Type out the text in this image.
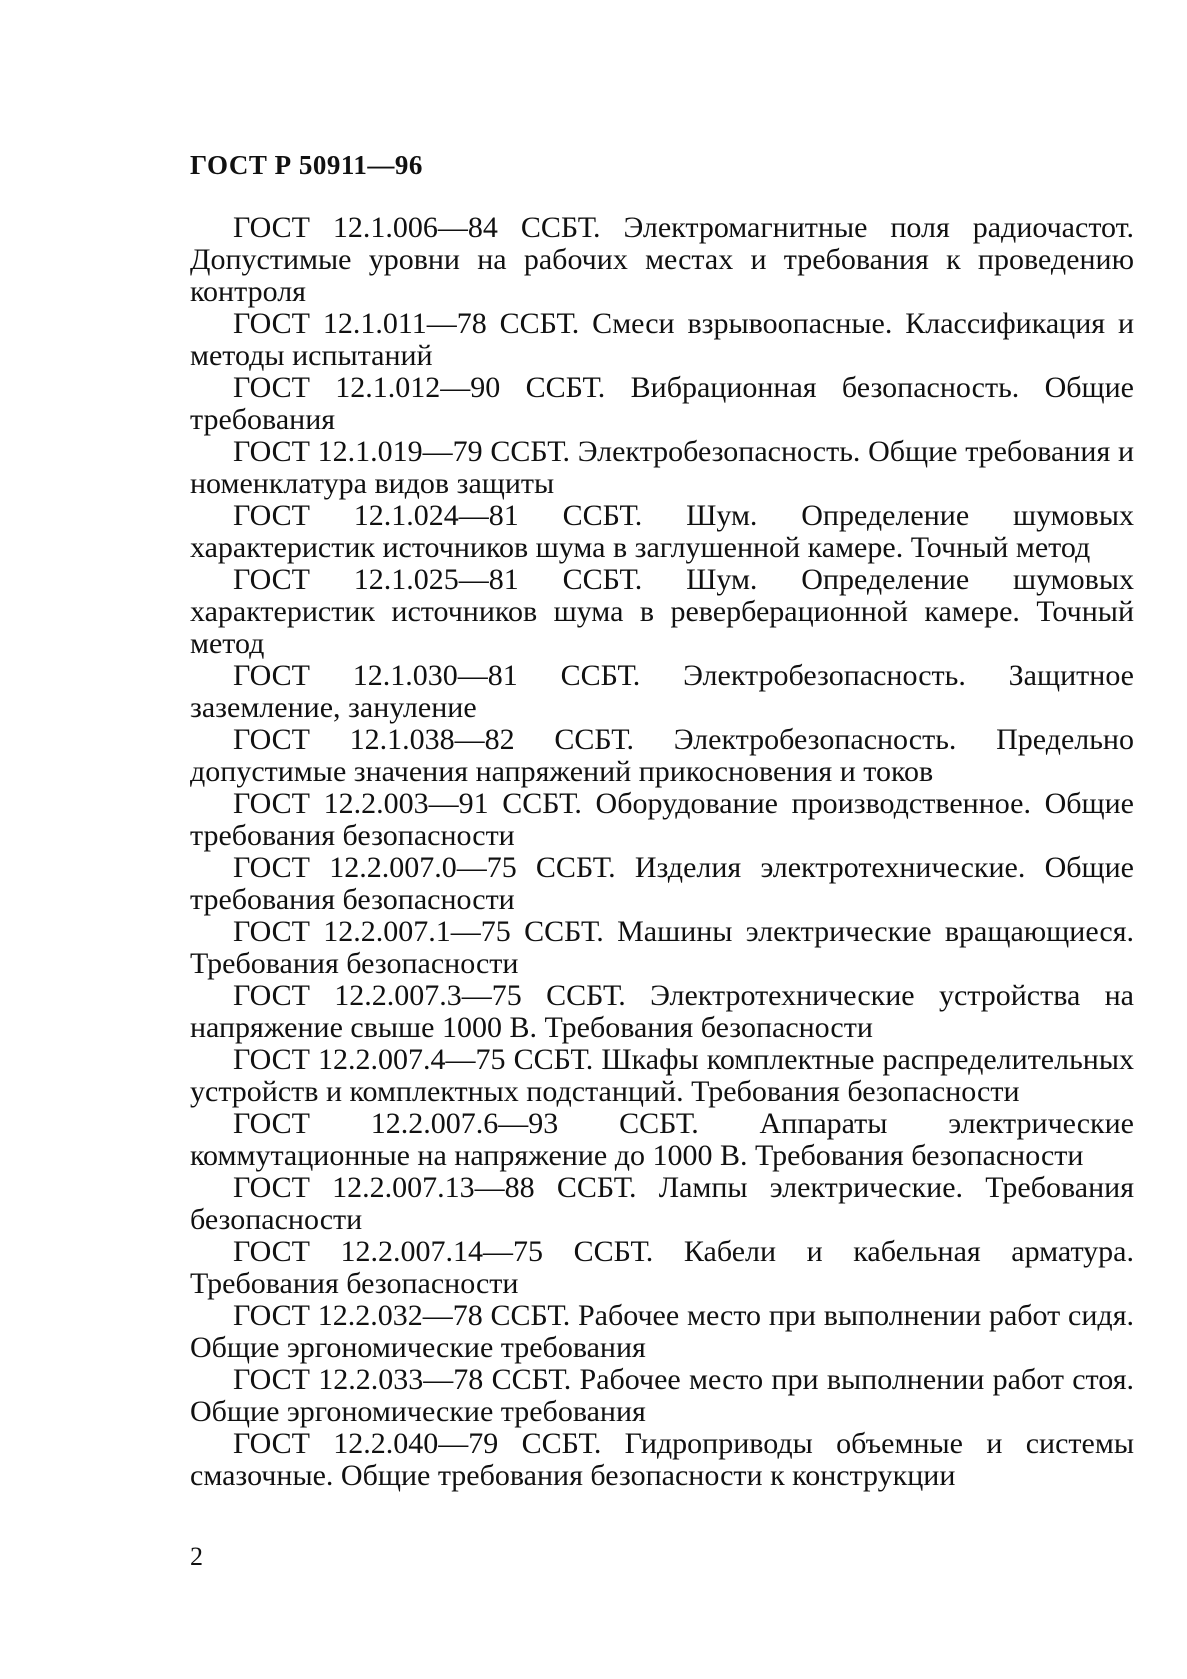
ГОСТ Р 50911—96

ГОСТ 12.1.006—84 ССБТ. Электромагнитные поля радиочастот. Допустимые уровни на рабочих местах и требования к проведению контроля

ГОСТ 12.1.011—78 ССБТ. Смеси взрывоопасные. Классификация и методы испытаний

ГОСТ 12.1.012—90 ССБТ. Вибрационная безопасность. Общие требования

ГОСТ 12.1.019—79 ССБТ. Электробезопасность. Общие требования и номенклатура видов защиты

ГОСТ 12.1.024—81 ССБТ. Шум. Определение шумовых характеристик источников шума в заглушенной камере. Точный метод

ГОСТ 12.1.025—81 ССБТ. Шум. Определение шумовых характеристик источников шума в реверберационной камере. Точный метод

ГОСТ 12.1.030—81 ССБТ. Электробезопасность. Защитное заземление, зануление

ГОСТ 12.1.038—82 ССБТ. Электробезопасность. Предельно допустимые значения напряжений прикосновения и токов

ГОСТ 12.2.003—91 ССБТ. Оборудование производственное. Общие требования безопасности

ГОСТ 12.2.007.0—75 ССБТ. Изделия электротехнические. Общие требования безопасности

ГОСТ 12.2.007.1—75 ССБТ. Машины электрические вращающиеся. Требования безопасности

ГОСТ 12.2.007.3—75 ССБТ. Электротехнические устройства на напряжение свыше 1000 В. Требования безопасности

ГОСТ 12.2.007.4—75 ССБТ. Шкафы комплектные распределительных устройств и комплектных подстанций. Требования безопасности

ГОСТ 12.2.007.6—93 ССБТ. Аппараты электрические коммутационные на напряжение до 1000 В. Требования безопасности

ГОСТ 12.2.007.13—88 ССБТ. Лампы электрические. Требования безопасности

ГОСТ 12.2.007.14—75 ССБТ. Кабели и кабельная арматура. Требования безопасности

ГОСТ 12.2.032—78 ССБТ. Рабочее место при выполнении работ сидя. Общие эргономические требования

ГОСТ 12.2.033—78 ССБТ. Рабочее место при выполнении работ стоя. Общие эргономические требования

ГОСТ 12.2.040—79 ССБТ. Гидроприводы объемные и системы смазочные. Общие требования безопасности к конструкции

2
